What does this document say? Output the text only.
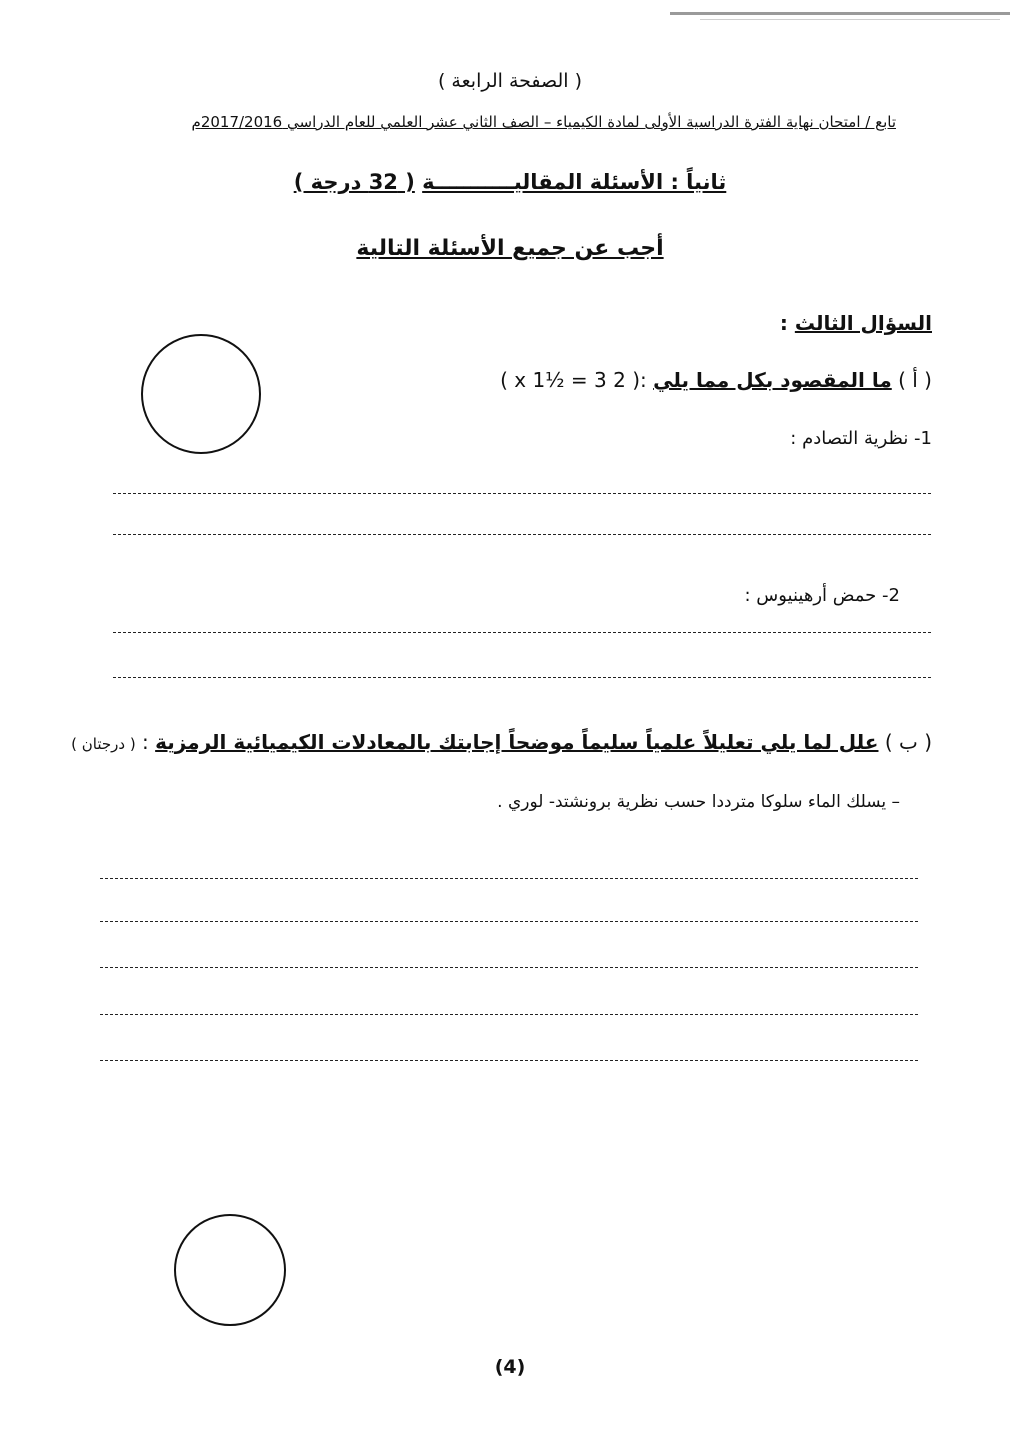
( الصفحة الرابعة )
تابع / امتحان نهاية الفترة الدراسية الأولى لمادة الكيمياء – الصف الثاني عشر العلمي للعام الدراسي 2017/2016م
ثانياً : الأسئلة المقاليـــــــــــة ( 32 درجة )
أجب عن جميع الأسئلة التالية
السؤال الثالث :
( أ ) ما المقصود بكل مما يلي :( 2 x 1½ = 3 )
1- نظرية التصادم :
2- حمض أرهينيوس :
( ب ) علل لما يلي تعليلاً علمياً سليماً موضحاً إجابتك بالمعادلات الكيميائية الرمزية : ( درجتان )
– يسلك الماء سلوكا مترددا حسب نظرية برونشتد- لوري .
(4)
